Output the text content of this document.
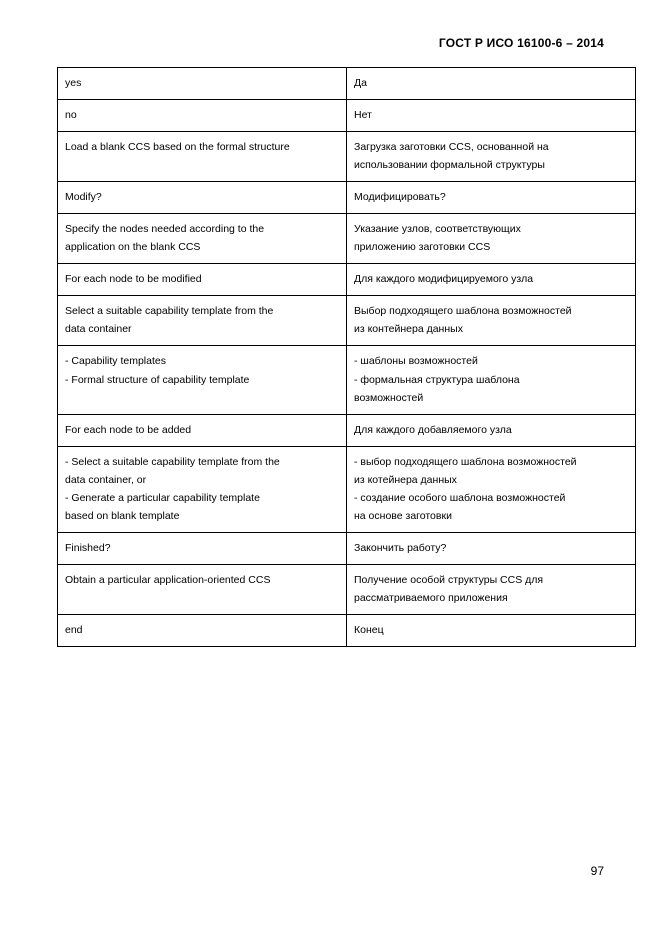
ГОСТ Р ИСО 16100-6 – 2014
yes	Да

no	Нет

Load a blank CCS based on the formal structure	Загрузка заготовки CCS, основанной на
использовании формальной структуры

Modify?	Модифицировать?

Specify the nodes needed according to the
application on the blank CCS	Указание узлов, соответствующих
приложению заготовки CCS

For each node to be modified	Для каждого модифицируемого узла

Select a suitable capability template from the
data container	Выбор подходящего шаблона возможностей
из контейнера данных

- Capability templates
- Formal structure of capability template	- шаблоны возможностей
- формальная структура шаблона
возможностей

For each node to be added	Для каждого добавляемого узла

- Select a suitable capability template from the
data container, or
- Generate a particular capability template
based on blank template	- выбор подходящего шаблона возможностей
из котейнера данных
- создание особого шаблона возможностей
на основе заготовки

Finished?	Закончить работу?

Obtain a particular application-oriented CCS	Получение особой структуры CCS для
рассматриваемого приложения

end	Конец
97
